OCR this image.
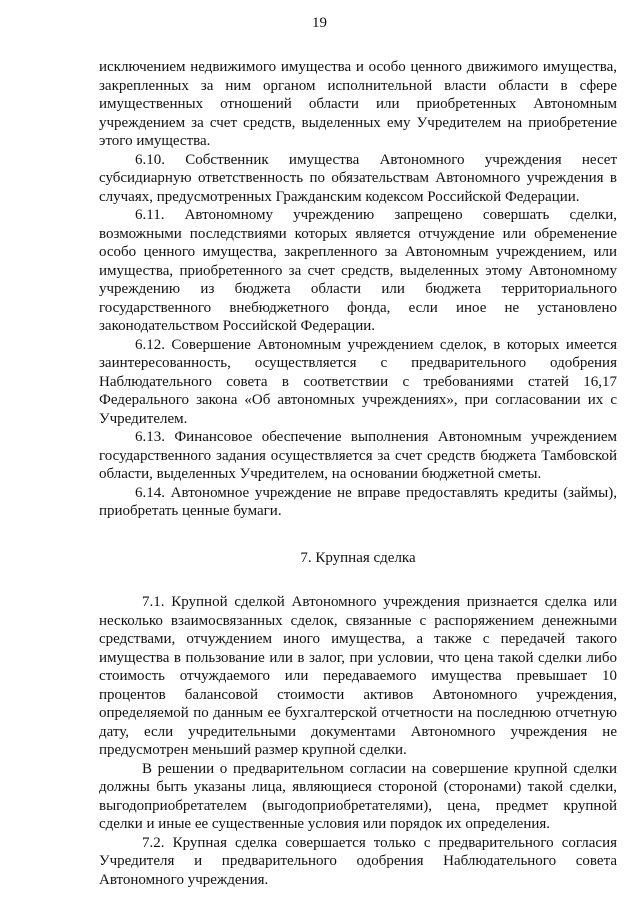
19

исключением недвижимого имущества и особо ценного движимого имущества, закрепленных за ним органом исполнительной власти области в сфере имущественных отношений области или приобретенных Автономным учреждением за счет средств, выделенных ему Учредителем на приобретение этого имущества.

6.10. Собственник имущества Автономного учреждения несет субсидиарную ответственность по обязательствам Автономного учреждения в случаях, предусмотренных Гражданским кодексом Российской Федерации.

6.11. Автономному учреждению запрещено совершать сделки, возможными последствиями которых является отчуждение или обременение особо ценного имущества, закрепленного за Автономным учреждением, или имущества, приобретенного за счет средств, выделенных этому Автономному учреждению из бюджета области или бюджета территориального государственного внебюджетного фонда, если иное не установлено законодательством Российской Федерации.

6.12. Совершение Автономным учреждением сделок, в которых имеется заинтересованность, осуществляется с предварительного одобрения Наблюдательного совета в соответствии с требованиями статей 16,17 Федерального закона «Об автономных учреждениях», при согласовании их с Учредителем.

6.13. Финансовое обеспечение выполнения Автономным учреждением государственного задания осуществляется за счет средств бюджета Тамбовской области, выделенных Учредителем, на основании бюджетной сметы.

6.14. Автономное учреждение не вправе предоставлять кредиты (займы), приобретать ценные бумаги.

7. Крупная сделка

7.1. Крупной сделкой Автономного учреждения признается сделка или несколько взаимосвязанных сделок, связанные с распоряжением денежными средствами, отчуждением иного имущества, а также с передачей такого имущества в пользование или в залог, при условии, что цена такой сделки либо стоимость отчуждаемого или передаваемого имущества превышает 10 процентов балансовой стоимости активов Автономного учреждения, определяемой по данным ее бухгалтерской отчетности на последнюю отчетную дату, если учредительными документами Автономного учреждения не предусмотрен меньший размер крупной сделки.

В решении о предварительном согласии на совершение крупной сделки должны быть указаны лица, являющиеся стороной (сторонами) такой сделки, выгодоприобретателем (выгодоприобретателями), цена, предмет крупной сделки и иные ее существенные условия или порядок их определения.

7.2. Крупная сделка совершается только с предварительного согласия Учредителя и предварительного одобрения Наблюдательного совета Автономного учреждения.
